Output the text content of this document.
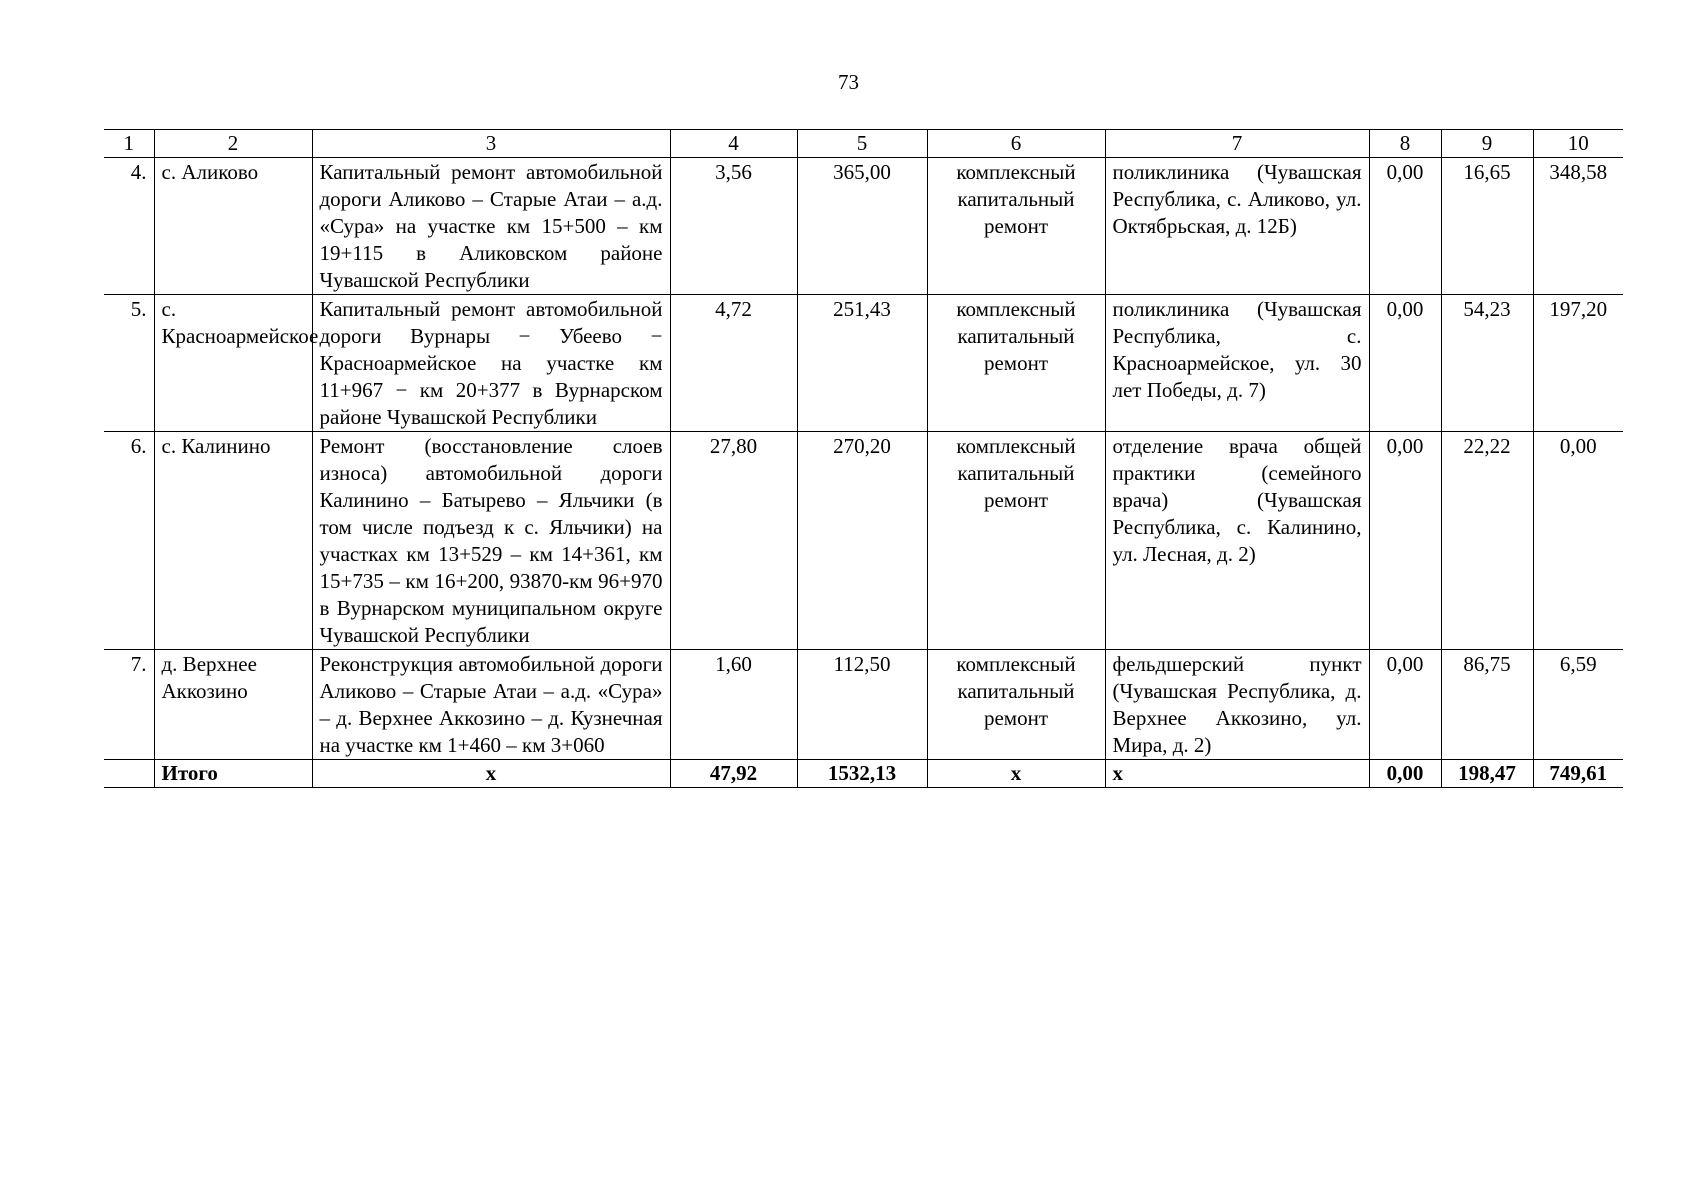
73
1	2	3	4	5	6	7	8	9	10
4.	с. Аликово	Капитальный ремонт автомобильной дороги Аликово – Старые Атаи – а.д. «Сура» на участке км 15+500 – км 19+115 в Аликовском районе Чувашской Республики	3,56	365,00	комплексный капитальный ремонт	поликлиника (Чувашская Республика, с. Аликово, ул. Октябрьская, д. 12Б)	0,00	16,65	348,58
5.	с. Красноармейское	Капитальный ремонт автомобильной дороги Вурнары − Убеево − Красноармейское на участке км 11+967 − км 20+377 в Вурнарском районе Чувашской Республики	4,72	251,43	комплексный капитальный ремонт	поликлиника (Чувашская Республика, с. Красноармейское, ул. 30 лет Победы, д. 7)	0,00	54,23	197,20
6.	с. Калинино	Ремонт (восстановление слоев износа) автомобильной дороги Калинино – Батырево – Яльчики (в том числе подъезд к с. Яльчики) на участках км 13+529 – км 14+361, км 15+735 – км 16+200, 93870-км 96+970 в Вурнарском муниципальном округе Чувашской Республики	27,80	270,20	комплексный капитальный ремонт	отделение врача общей практики (семейного врача) (Чувашская Республика, с. Калинино, ул. Лесная, д. 2)	0,00	22,22	0,00
7.	д. Верхнее Аккозино	Реконструкция автомобильной дороги Аликово – Старые Атаи – а.д. «Сура» – д. Верхнее Аккозино – д. Кузнечная на участке км 1+460 – км 3+060	1,60	112,50	комплексный капитальный ремонт	фельдшерский пункт (Чувашская Республика, д. Верхнее Аккозино, ул. Мира, д. 2)	0,00	86,75	6,59
	Итого	х	47,92	1532,13	х	х	0,00	198,47	749,61
